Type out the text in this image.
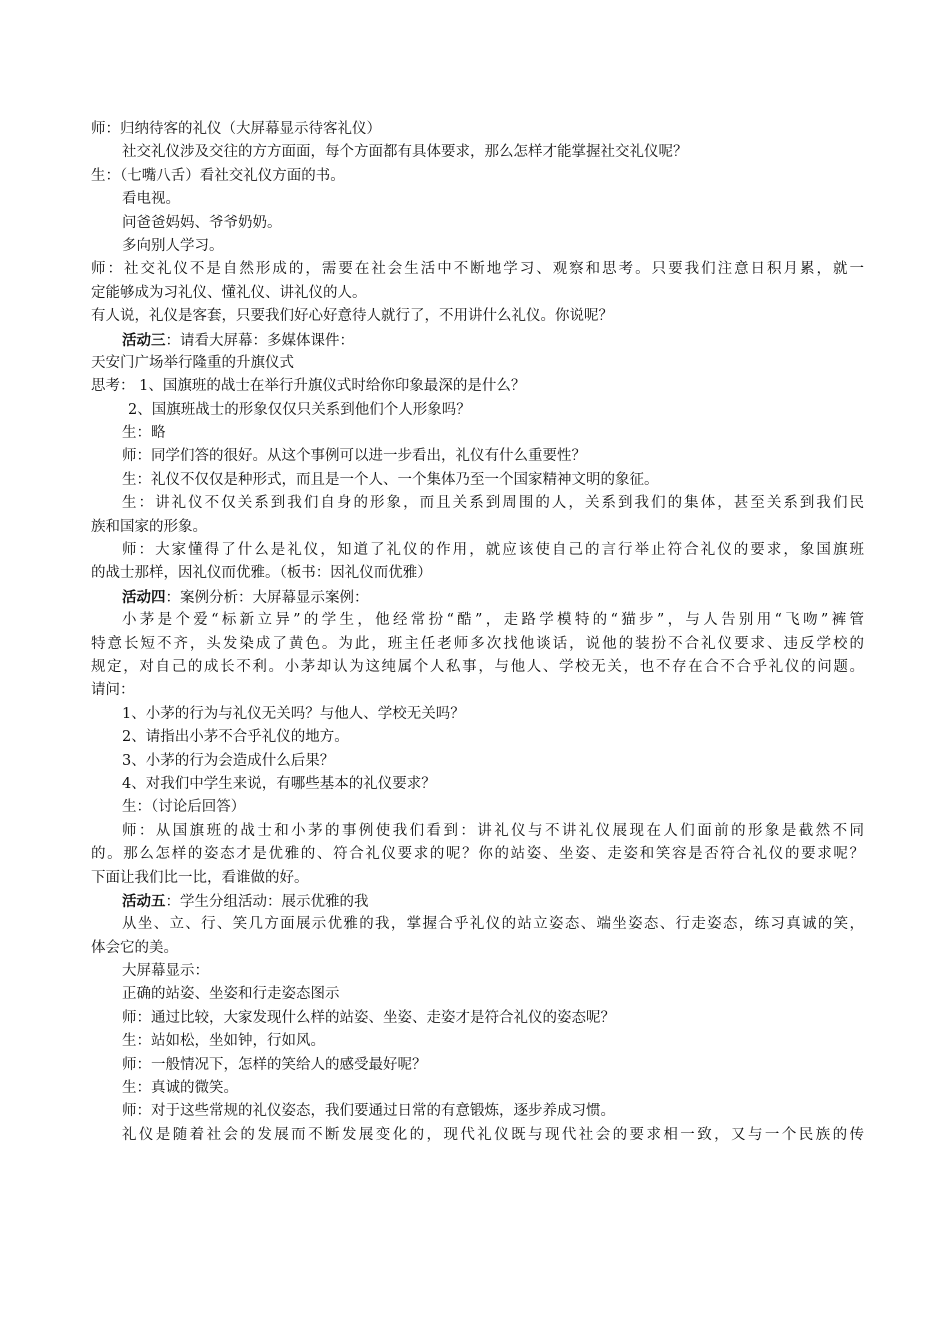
师：归纳待客的礼仪（大屏幕显示待客礼仪）
社交礼仪涉及交往的方方面面，每个方面都有具体要求，那么怎样才能掌握社交礼仪呢？
生：（七嘴八舌）看社交礼仪方面的书。
看电视。
问爸爸妈妈、爷爷奶奶。
多向别人学习。
师：社交礼仪不是自然形成的，需要在社会生活中不断地学习、观察和思考。只要我们注意日积月累，就一
定能够成为习礼仪、懂礼仪、讲礼仪的人。
有人说，礼仪是客套，只要我们好心好意待人就行了，不用讲什么礼仪。你说呢？
活动三：请看大屏幕：多媒体课件：
天安门广场举行隆重的升旗仪式
思考： 1、国旗班的战士在举行升旗仪式时给你印象最深的是什么？
2、国旗班战士的形象仅仅只关系到他们个人形象吗？
生：略
师：同学们答的很好。从这个事例可以进一步看出，礼仪有什么重要性？
生：礼仪不仅仅是种形式，而且是一个人、一个集体乃至一个国家精神文明的象征。
生：讲礼仪不仅关系到我们自身的形象，而且关系到周围的人，关系到我们的集体，甚至关系到我们民
族和国家的形象。
师：大家懂得了什么是礼仪，知道了礼仪的作用，就应该使自己的言行举止符合礼仪的要求，象国旗班
的战士那样，因礼仪而优雅。（板书：因礼仪而优雅）
活动四：案例分析：大屏幕显示案例：
小茅是个爱“标新立异”的学生，他经常扮“酷”，走路学模特的“猫步”，与人告别用“飞吻”裤管
特意长短不齐，头发染成了黄色。为此，班主任老师多次找他谈话，说他的装扮不合礼仪要求、违反学校的
规定，对自己的成长不利。小茅却认为这纯属个人私事，与他人、学校无关，也不存在合不合乎礼仪的问题。
请问：
1、小茅的行为与礼仪无关吗？与他人、学校无关吗？
2、请指出小茅不合乎礼仪的地方。
3、小茅的行为会造成什么后果？
4、对我们中学生来说，有哪些基本的礼仪要求？
生：（讨论后回答）
师：从国旗班的战士和小茅的事例使我们看到：讲礼仪与不讲礼仪展现在人们面前的形象是截然不同
的。那么怎样的姿态才是优雅的、符合礼仪要求的呢？你的站姿、坐姿、走姿和笑容是否符合礼仪的要求呢？
下面让我们比一比，看谁做的好。
活动五：学生分组活动：展示优雅的我
从坐、立、行、笑几方面展示优雅的我，掌握合乎礼仪的站立姿态、端坐姿态、行走姿态，练习真诚的笑，
体会它的美。
大屏幕显示：
正确的站姿、坐姿和行走姿态图示
师：通过比较，大家发现什么样的站姿、坐姿、走姿才是符合礼仪的姿态呢？
生：站如松，坐如钟，行如风。
师：一般情况下，怎样的笑给人的感受最好呢？
生：真诚的微笑。
师：对于这些常规的礼仪姿态，我们要通过日常的有意锻炼，逐步养成习惯。
礼仪是随着社会的发展而不断发展变化的，现代礼仪既与现代社会的要求相一致，又与一个民族的传
